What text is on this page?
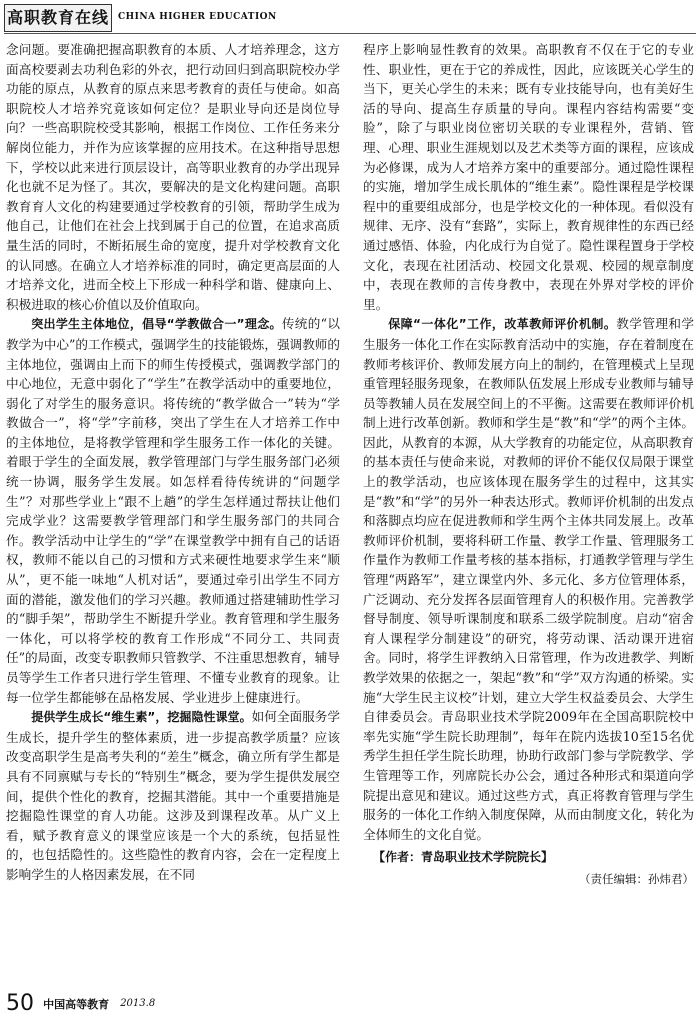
高职教育在线	CHINA HIGHER EDUCATION

念问题。要准确把握高职教育的本质、人才培养理念，这方面高校要剥去功利色彩的外衣，把行动回归到高职院校办学功能的原点，从教育的原点来思考教育的责任与使命。如高职院校人才培养究竟该如何定位？是职业导向还是岗位导向？一些高职院校受其影响，根据工作岗位、工作任务来分解岗位能力，并作为应该掌握的应用技术。在这种指导思想下，学校以此来进行顶层设计，高等职业教育的办学出现异化也就不足为怪了。其次，要解决的是文化构建问题。高职教育育人文化的构建要通过学校教育的引领，帮助学生成为他自己，让他们在社会上找到属于自己的位置，在追求高质量生活的同时，不断拓展生命的宽度，提升对学校教育文化的认同感。在确立人才培养标准的同时，确定更高层面的人才培养文化，进而全校上下形成一种科学和谐、健康向上、积极进取的核心价值以及价值取向。

突出学生主体地位，倡导“学教做合一”理念。传统的“以教学为中心”的工作模式，强调学生的技能锻炼，强调教师的主体地位，强调由上而下的师生传授模式，强调教学部门的中心地位，无意中弱化了“学生”在教学活动中的重要地位，弱化了对学生的服务意识。将传统的“教学做合一”转为“学教做合一”，将“学”字前移，突出了学生在人才培养工作中的主体地位，是将教学管理和学生服务工作一体化的关键。着眼于学生的全面发展，教学管理部门与学生服务部门必须统一协调，服务学生发展。如怎样看待传统讲的“问题学生”？对那些学业上“跟不上趟”的学生怎样通过帮扶让他们完成学业？这需要教学管理部门和学生服务部门的共同合作。教学活动中让学生的“学”在课堂教学中拥有自己的话语权，教师不能以自己的习惯和方式来硬性地要求学生来“顺从”，更不能一味地“人机对话”，要通过牵引出学生不同方面的潜能，激发他们的学习兴趣。教师通过搭建辅助性学习的“脚手架”，帮助学生不断提升学业。教育管理和学生服务一体化，可以将学校的教育工作形成“不同分工、共同责任”的局面，改变专职教师只管教学、不注重思想教育，辅导员等学生工作者只进行学生管理、不懂专业教育的现象。让每一位学生都能够在品格发展、学业进步上健康进行。

提供学生成长“维生素”，挖掘隐性课堂。如何全面服务学生成长，提升学生的整体素质，进一步提高教学质量？应该改变高职学生是高考失利的“差生”概念，确立所有学生都是具有不同禀赋与专长的“特别生”概念，要为学生提供发展空间，提供个性化的教育，挖掘其潜能。其中一个重要措施是挖掘隐性课堂的育人功能。这涉及到课程改革。从广义上看，赋予教育意义的课堂应该是一个大的系统，包括显性的，也包括隐性的。这些隐性的教育内容，会在一定程度上影响学生的人格因素发展，在不同

程序上影响显性教育的效果。高职教育不仅在于它的专业性、职业性，更在于它的养成性，因此，应该既关心学生的当下，更关心学生的未来；既有专业技能导向，也有美好生活的导向、提高生存质量的导向。课程内容结构需要“变脸”，除了与职业岗位密切关联的专业课程外，营销、管理、心理、职业生涯规划以及艺术类等方面的课程，应该成为必修课，成为人才培养方案中的重要部分。通过隐性课程的实施，增加学生成长肌体的“维生素”。隐性课程是学校课程中的重要组成部分，也是学校文化的一种体现。看似没有规律、无序、没有“套路”，实际上，教育规律性的东西已经通过感悟、体验，内化成行为自觉了。隐性课程置身于学校文化，表现在社团活动、校园文化景观、校园的规章制度中，表现在教师的言传身教中，表现在外界对学校的评价里。

保障“一体化”工作，改革教师评价机制。教学管理和学生服务一体化工作在实际教育活动中的实施，存在着制度在教师考核评价、教师发展方向上的制约，在管理模式上呈现重管理轻服务现象，在教师队伍发展上形成专业教师与辅导员等教辅人员在发展空间上的不平衡。这需要在教师评价机制上进行改革创新。教师和学生是“教”和“学”的两个主体。因此，从教育的本源，从大学教育的功能定位，从高职教育的基本责任与使命来说，对教师的评价不能仅仅局限于课堂上的教学活动，也应该体现在服务学生的过程中，这其实是“教”和“学”的另外一种表达形式。教师评价机制的出发点和落脚点均应在促进教师和学生两个主体共同发展上。改革教师评价机制，要将科研工作量、教学工作量、管理服务工作量作为教师工作量考核的基本指标，打通教学管理与学生管理“两路军”，建立课堂内外、多元化、多方位管理体系，广泛调动、充分发挥各层面管理育人的积极作用。完善教学督导制度、领导听课制度和联系二级学院制度。启动“宿舍育人课程学分制建设”的研究，将劳动课、活动课开进宿舍。同时，将学生评教纳入日常管理，作为改进教学、判断教学效果的依据之一，架起“教”和“学”双方沟通的桥梁。实施“大学生民主议校”计划，建立大学生权益委员会、大学生自律委员会。青岛职业技术学院2009年在全国高职院校中率先实施“学生院长助理制”，每年在院内选拔10至15名优秀学生担任学生院长助理，协助行政部门参与学院教学、学生管理等工作，列席院长办公会，通过各种形式和渠道向学院提出意见和建议。通过这些方式，真正将教育管理与学生服务的一体化工作纳入制度保障，从而由制度文化，转化为全体师生的文化自觉。

【作者：青岛职业技术学院院长】

（责任编辑：孙炜君）

50 中国高等教育 2013.8
